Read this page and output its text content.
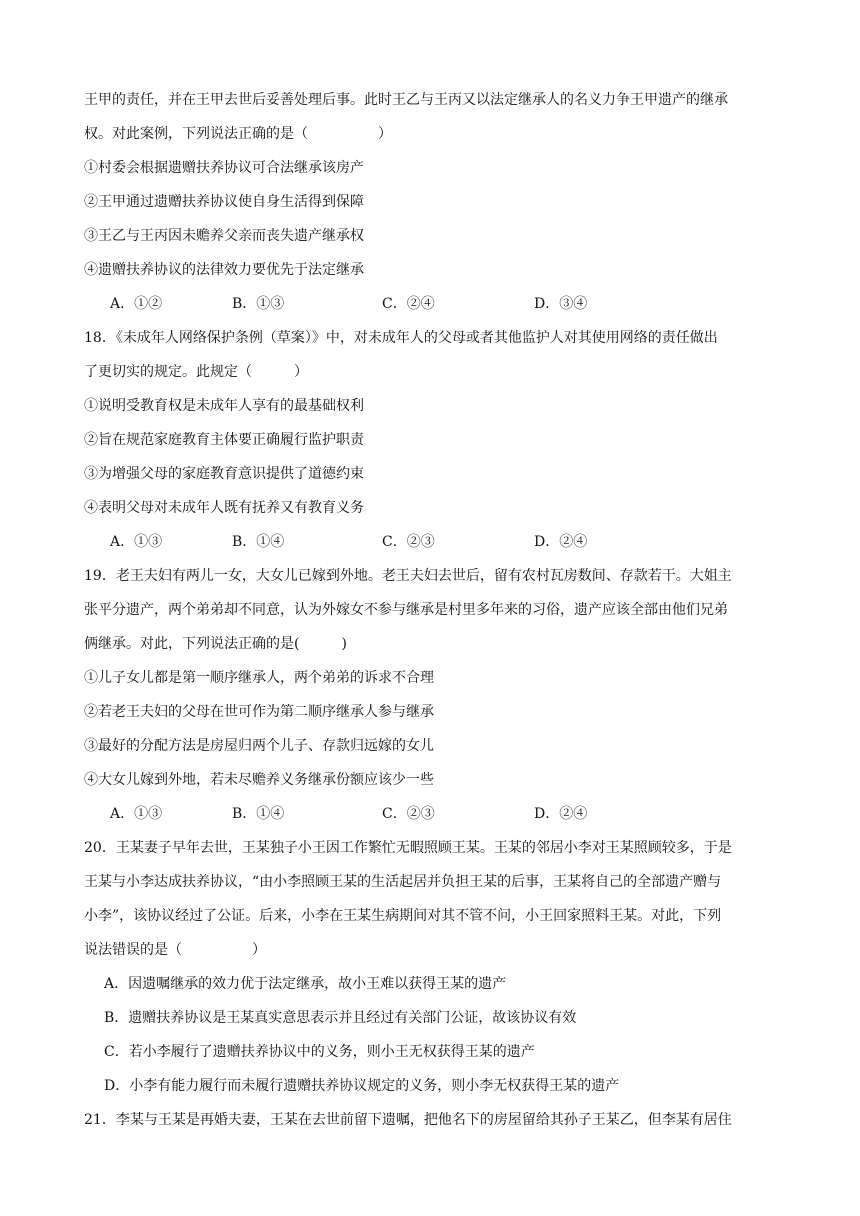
王甲的责任，并在王甲去世后妥善处理后事。此时王乙与王丙又以法定继承人的名义力争王甲遗产的继承
权。对此案例，下列说法正确的是（　　　　　）
①村委会根据遗赠扶养协议可合法继承该房产
②王甲通过遗赠扶养协议使自身生活得到保障
③王乙与王丙因未赡养父亲而丧失遗产继承权
④遗赠扶养协议的法律效力要优先于法定继承
A．①②	B．①③	C．②④	D．③④
18．《未成年人网络保护条例（草案）》中，对未成年人的父母或者其他监护人对其使用网络的责任做出
了更切实的规定。此规定（　　　）
①说明受教育权是未成年人享有的最基础权利
②旨在规范家庭教育主体要正确履行监护职责
③为增强父母的家庭教育意识提供了道德约束
④表明父母对未成年人既有抚养又有教育义务
A．①③	B．①④	C．②③	D．②④
19．老王夫妇有两儿一女，大女儿已嫁到外地。老王夫妇去世后，留有农村瓦房数间、存款若干。大姐主
张平分遗产，两个弟弟却不同意，认为外嫁女不参与继承是村里多年来的习俗，遗产应该全部由他们兄弟
俩继承。对此，下列说法正确的是(　　　)
①儿子女儿都是第一顺序继承人，两个弟弟的诉求不合理
②若老王夫妇的父母在世可作为第二顺序继承人参与继承
③最好的分配方法是房屋归两个儿子、存款归远嫁的女儿
④大女儿嫁到外地，若未尽赡养义务继承份额应该少一些
A．①③	B．①④	C．②③	D．②④
20．王某妻子早年去世，王某独子小王因工作繁忙无暇照顾王某。王某的邻居小李对王某照顾较多，于是
王某与小李达成扶养协议，“由小李照顾王某的生活起居并负担王某的后事，王某将自己的全部遗产赠与
小李”，该协议经过了公证。后来，小李在王某生病期间对其不管不问，小王回家照料王某。对此，下列
说法错误的是（　　　　　）
A．因遗嘱继承的效力优于法定继承，故小王难以获得王某的遗产
B．遗赠扶养协议是王某真实意思表示并且经过有关部门公证，故该协议有效
C．若小李履行了遗赠扶养协议中的义务，则小王无权获得王某的遗产
D．小李有能力履行而未履行遗赠扶养协议规定的义务，则小李无权获得王某的遗产
21．李某与王某是再婚夫妻，王某在去世前留下遗嘱，把他名下的房屋留给其孙子王某乙，但李某有居住
